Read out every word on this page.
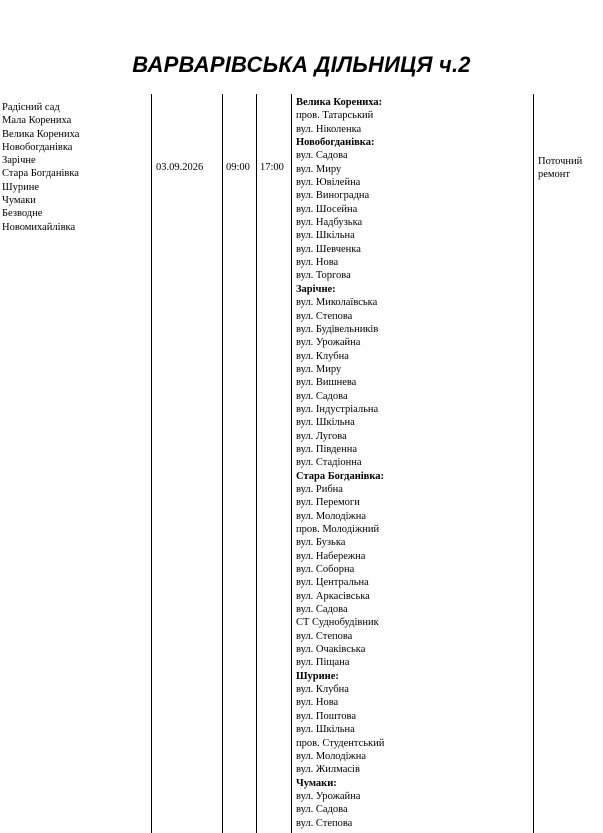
ВАРВАРІВСЬКА ДІЛЬНИЦЯ ч.2
Радісний сад
Мала Корениха
Велика Корениха
Новобогданівка
Зарічне
Стара Богданівка
Шурине
Чумаки
Безводне
Новомихайлівка
03.09.2026 09:00 17:00
Велика Корениха:
пров. Татарський
вул. Ніколенка
Новобогданівка:
вул. Садова
вул. Миру
вул. Ювілейна
вул. Виноградна
вул. Шосейна
вул. Надбузька
вул. Шкільна
вул. Шевченка
вул. Нова
вул. Торгова
Зарічне:
вул. Миколаївська
вул. Степова
вул. Будівельників
вул. Урожайна
вул. Клубна
вул. Миру
вул. Вишнева
вул. Садова
вул. Індустріальна
вул. Шкільна
вул. Лугова
вул. Південна
вул. Стадіонна
Стара Богданівка:
вул. Рибна
вул. Перемоги
вул. Молодіжна
пров. Молодіжний
вул. Бузька
вул. Набережна
вул. Соборна
вул. Центральна
вул. Аркасівська
вул. Садова
СТ Суднобудівник
вул. Степова
вул. Очаківська
вул. Піщана
Шурине:
вул. Клубна
вул. Нова
вул. Поштова
вул. Шкільна
пров. Студентський
вул. Молодіжна
вул. Жилмасів
Чумаки:
вул. Урожайна
вул. Садова
вул. Степова
Поточний
ремонт
